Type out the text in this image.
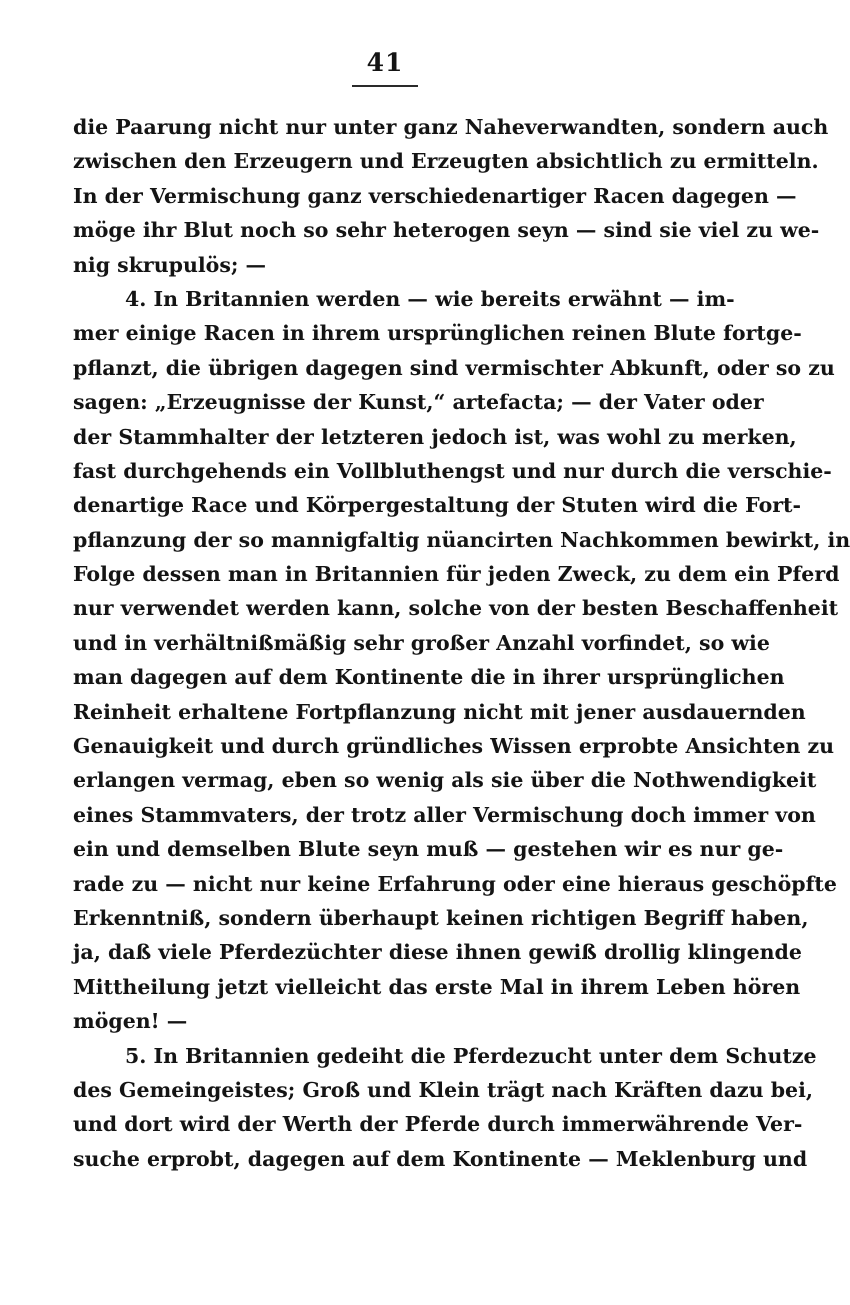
41
die Paarung nicht nur unter ganz Naheverwandten, sondern auch
zwischen den Erzeugern und Erzeugten absichtlich zu ermitteln.
In der Vermischung ganz verschiedenartiger Racen dagegen —
möge ihr Blut noch so sehr heterogen seyn — sind sie viel zu we-
nig skrupulös; —
4. In Britannien werden — wie bereits erwähnt — im-
mer einige Racen in ihrem ursprünglichen reinen Blute fortge-
pflanzt, die übrigen dagegen sind vermischter Abkunft, oder so zu
sagen: „Erzeugnisse der Kunst,“ artefacta; — der Vater oder
der Stammhalter der letzteren jedoch ist, was wohl zu merken,
fast durchgehends ein Vollbluthengst und nur durch die verschie-
denartige Race und Körpergestaltung der Stuten wird die Fort-
pflanzung der so mannigfaltig nüancirten Nachkommen bewirkt, in
Folge dessen man in Britannien für jeden Zweck, zu dem ein Pferd
nur verwendet werden kann, solche von der besten Beschaffenheit
und in verhältnißmäßig sehr großer Anzahl vorfindet, so wie
man dagegen auf dem Kontinente die in ihrer ursprünglichen
Reinheit erhaltene Fortpflanzung nicht mit jener ausdauernden
Genauigkeit und durch gründliches Wissen erprobte Ansichten zu
erlangen vermag, eben so wenig als sie über die Nothwendigkeit
eines Stammvaters, der trotz aller Vermischung doch immer von
ein und demselben Blute seyn muß — gestehen wir es nur ge-
rade zu — nicht nur keine Erfahrung oder eine hieraus geschöpfte
Erkenntniß, sondern überhaupt keinen richtigen Begriff haben,
ja, daß viele Pferdezüchter diese ihnen gewiß drollig klingende
Mittheilung jetzt vielleicht das erste Mal in ihrem Leben hören
mögen! —
5. In Britannien gedeiht die Pferdezucht unter dem Schutze
des Gemeingeistes; Groß und Klein trägt nach Kräften dazu bei,
und dort wird der Werth der Pferde durch immerwährende Ver-
suche erprobt, dagegen auf dem Kontinente — Meklenburg und
